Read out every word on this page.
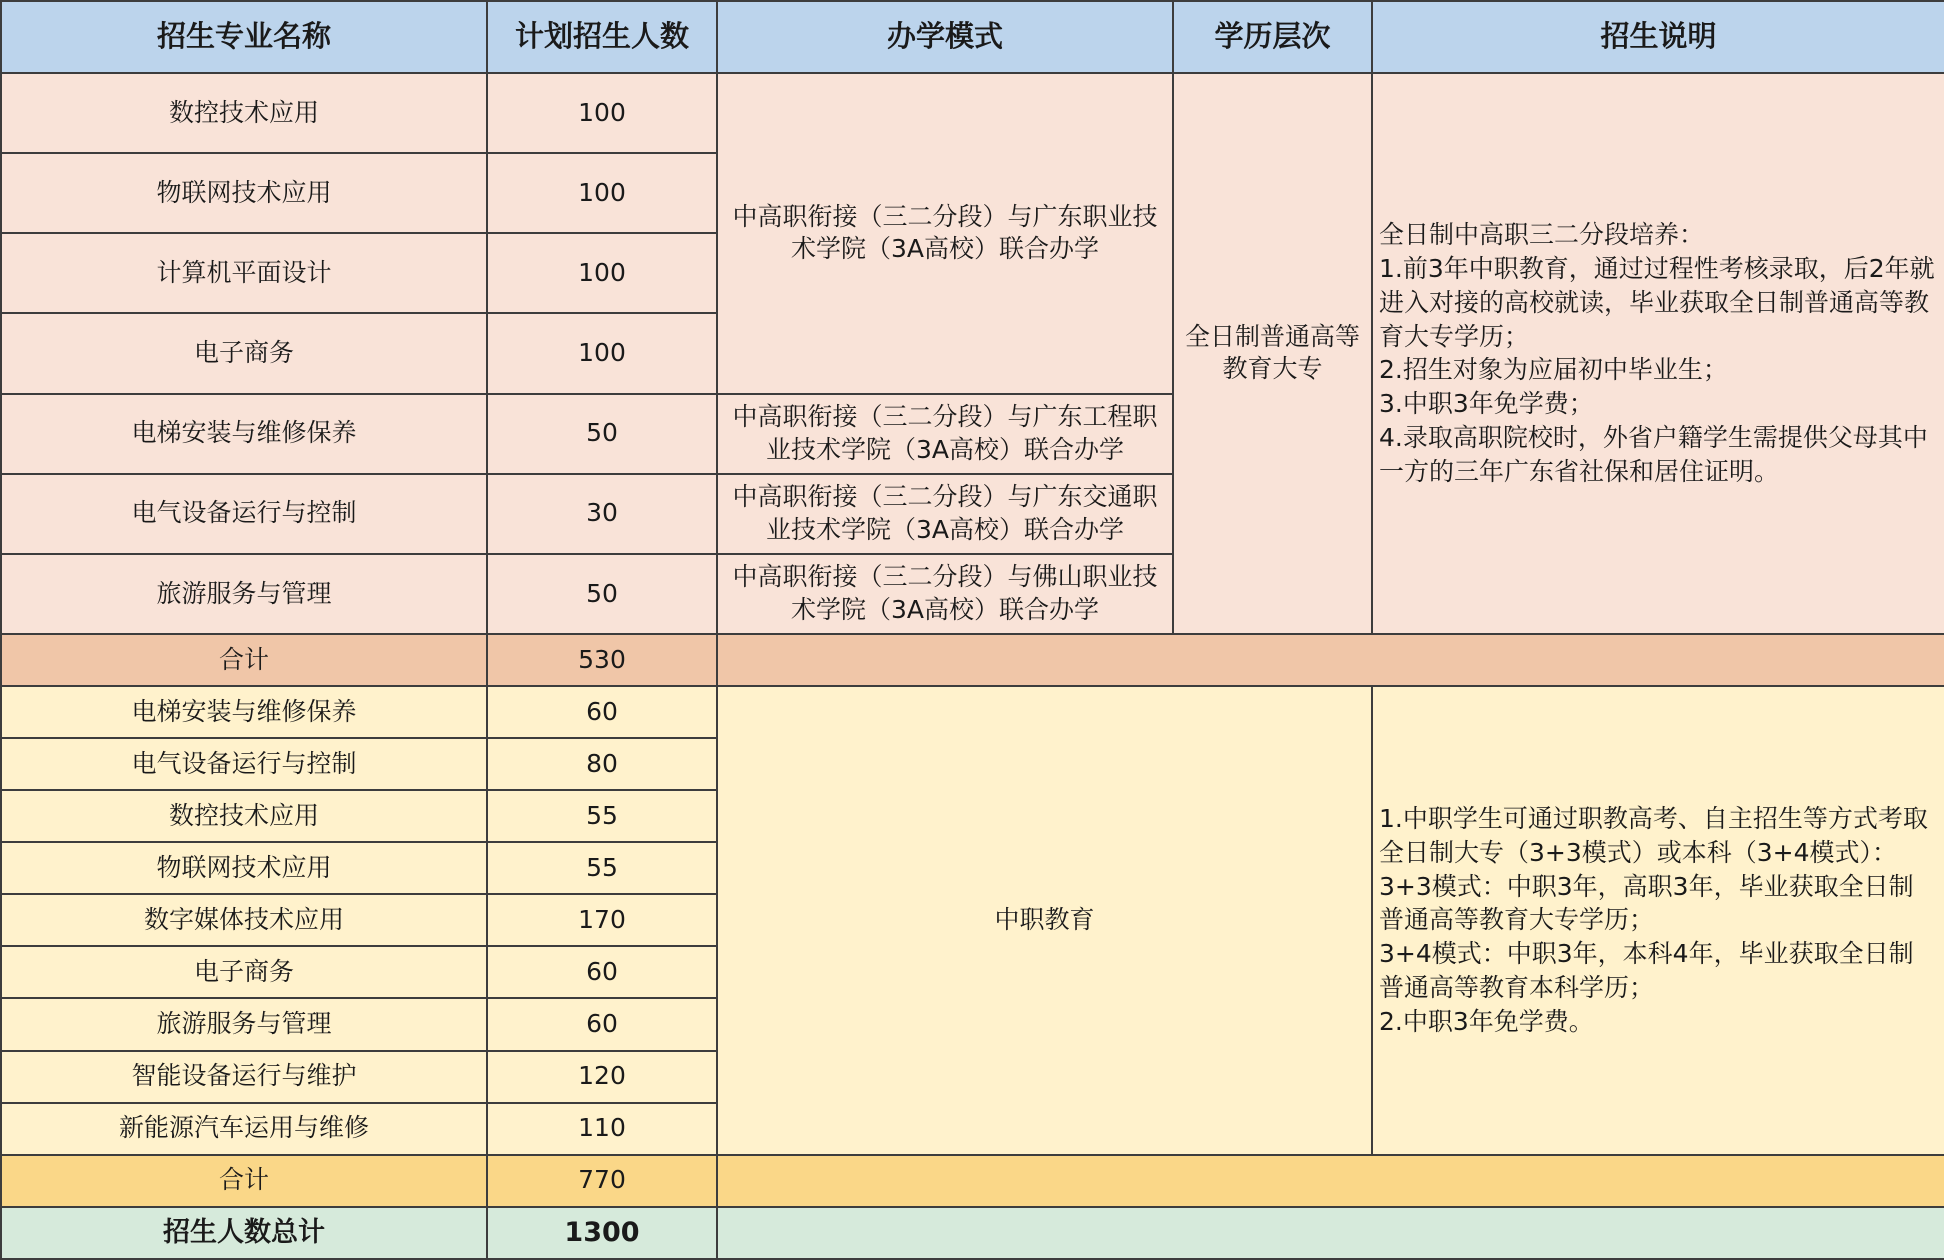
招生专业名称	计划招生人数	办学模式	学历层次	招生说明
数控技术应用	100	中高职衔接（三二分段）与广东职业技术学院（3A高校）联合办学	全日制普通高等教育大专	全日制中高职三二分段培养：
1.前3年中职教育，通过过程性考核录取，后2年就进入对接的高校就读，毕业获取全日制普通高等教育大专学历；
2.招生对象为应届初中毕业生；
3.中职3年免学费；
4.录取高职院校时，外省户籍学生需提供父母其中一方的三年广东省社保和居住证明。
物联网技术应用	100			
计算机平面设计	100			
电子商务	100			
电梯安装与维修保养	50	中高职衔接（三二分段）与广东工程职业技术学院（3A高校）联合办学		
电气设备运行与控制	30	中高职衔接（三二分段）与广东交通职业技术学院（3A高校）联合办学		
旅游服务与管理	50	中高职衔接（三二分段）与佛山职业技术学院（3A高校）联合办学		
合计	530			
电梯安装与维修保养	60	中职教育		1.中职学生可通过职教高考、自主招生等方式考取全日制大专（3+3模式）或本科（3+4模式）：
3+3模式：中职3年，高职3年，毕业获取全日制普通高等教育大专学历；
3+4模式：中职3年，本科4年，毕业获取全日制普通高等教育本科学历；
2.中职3年免学费。
电气设备运行与控制	80			
数控技术应用	55			
物联网技术应用	55			
数字媒体技术应用	170			
电子商务	60			
旅游服务与管理	60			
智能设备运行与维护	120			
新能源汽车运用与维修	110			
合计	770			
招生人数总计	1300			
